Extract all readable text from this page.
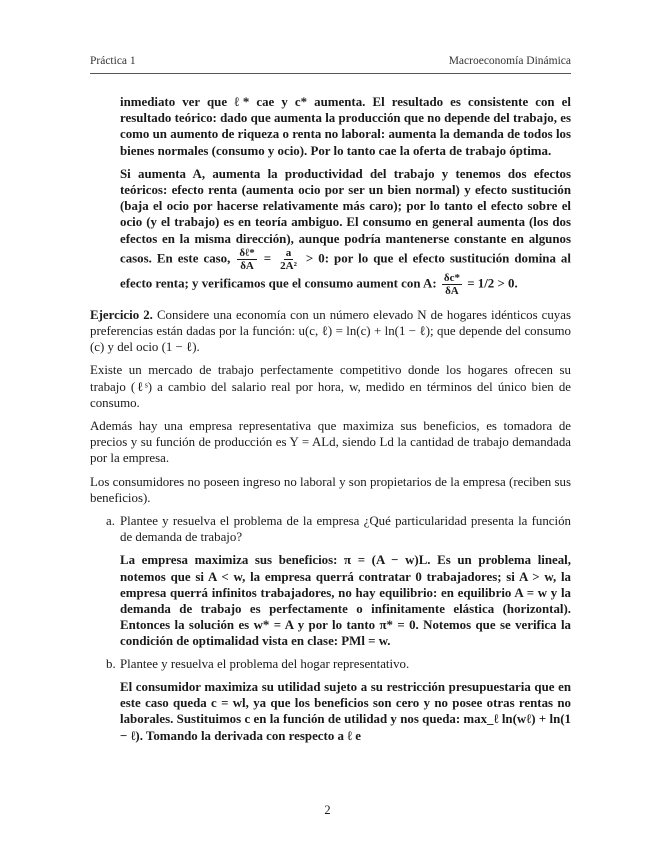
Práctica 1	Macroeconomía Dinámica

inmediato ver que ℓ* cae y c* aumenta. El resultado es consistente con el resultado teórico: dado que aumenta la producción que no depende del trabajo, es como un aumento de riqueza o renta no laboral: aumenta la demanda de todos los bienes normales (consumo y ocio). Por lo tanto cae la oferta de trabajo óptima.

Si aumenta A, aumenta la productividad del trabajo y tenemos dos efectos teóricos: efecto renta (aumenta ocio por ser un bien normal) y efecto sustitución (baja el ocio por hacerse relativamente más caro); por lo tanto el efecto sobre el ocio (y el trabajo) es en teoría ambiguo. El consumo en general aumenta (los dos efectos en la misma dirección), aunque podría mantenerse constante en algunos casos. En este caso, $\frac{\text{δℓ*}}{\delta A} = \frac{a}{\text{2A²}} > 0$: por lo que el efecto sustitución domina al efecto renta; y verificamos que el consumo aument con A: $\frac{\delta c*}{\delta A} = 1/2 > 0$.

Ejercicio 2. Considere una economía con un número elevado N de hogares idénticos cuyas preferencias están dadas por la función: u(c, ℓ) = ln(c) + ln(1 − ℓ); que depende del consumo (c) y del ocio (1 − ℓ).

Existe un mercado de trabajo perfectamente competitivo donde los hogares ofrecen su trabajo (ℓˢ) a cambio del salario real por hora, w, medido en términos del único bien de consumo.

Además hay una empresa representativa que maximiza sus beneficios, es tomadora de precios y su función de producción es Y = ALd, siendo Ld la cantidad de trabajo demandada por la empresa.

Los consumidores no poseen ingreso no laboral y son propietarios de la empresa (reciben sus beneficios).

a. Plantee y resuelva el problema de la empresa ¿Qué particularidad presenta la función de demanda de trabajo?

La empresa maximiza sus beneficios: π = (A − w)L. Es un problema lineal, notemos que si A < w, la empresa querrá contratar 0 trabajadores; si A > w, la empresa querrá infinitos trabajadores, no hay equilibrio: en equilibrio A = w y la demanda de trabajo es perfectamente o infinitamente elástica (horizontal). Entonces la solución es w* = A y por lo tanto π* = 0. Notemos que se verifica la condición de optimalidad vista en clase: PMl = w.

b. Plantee y resuelva el problema del hogar representativo.

El consumidor maximiza su utilidad sujeto a su restricción presupuestaria que en este caso queda c = wl, ya que los beneficios son cero y no posee otras rentas no laborales. Sustituimos c en la función de utilidad y nos queda: max_ℓ ln(wℓ) + ln(1 − ℓ). Tomando la derivada con respecto a ℓ e

2
